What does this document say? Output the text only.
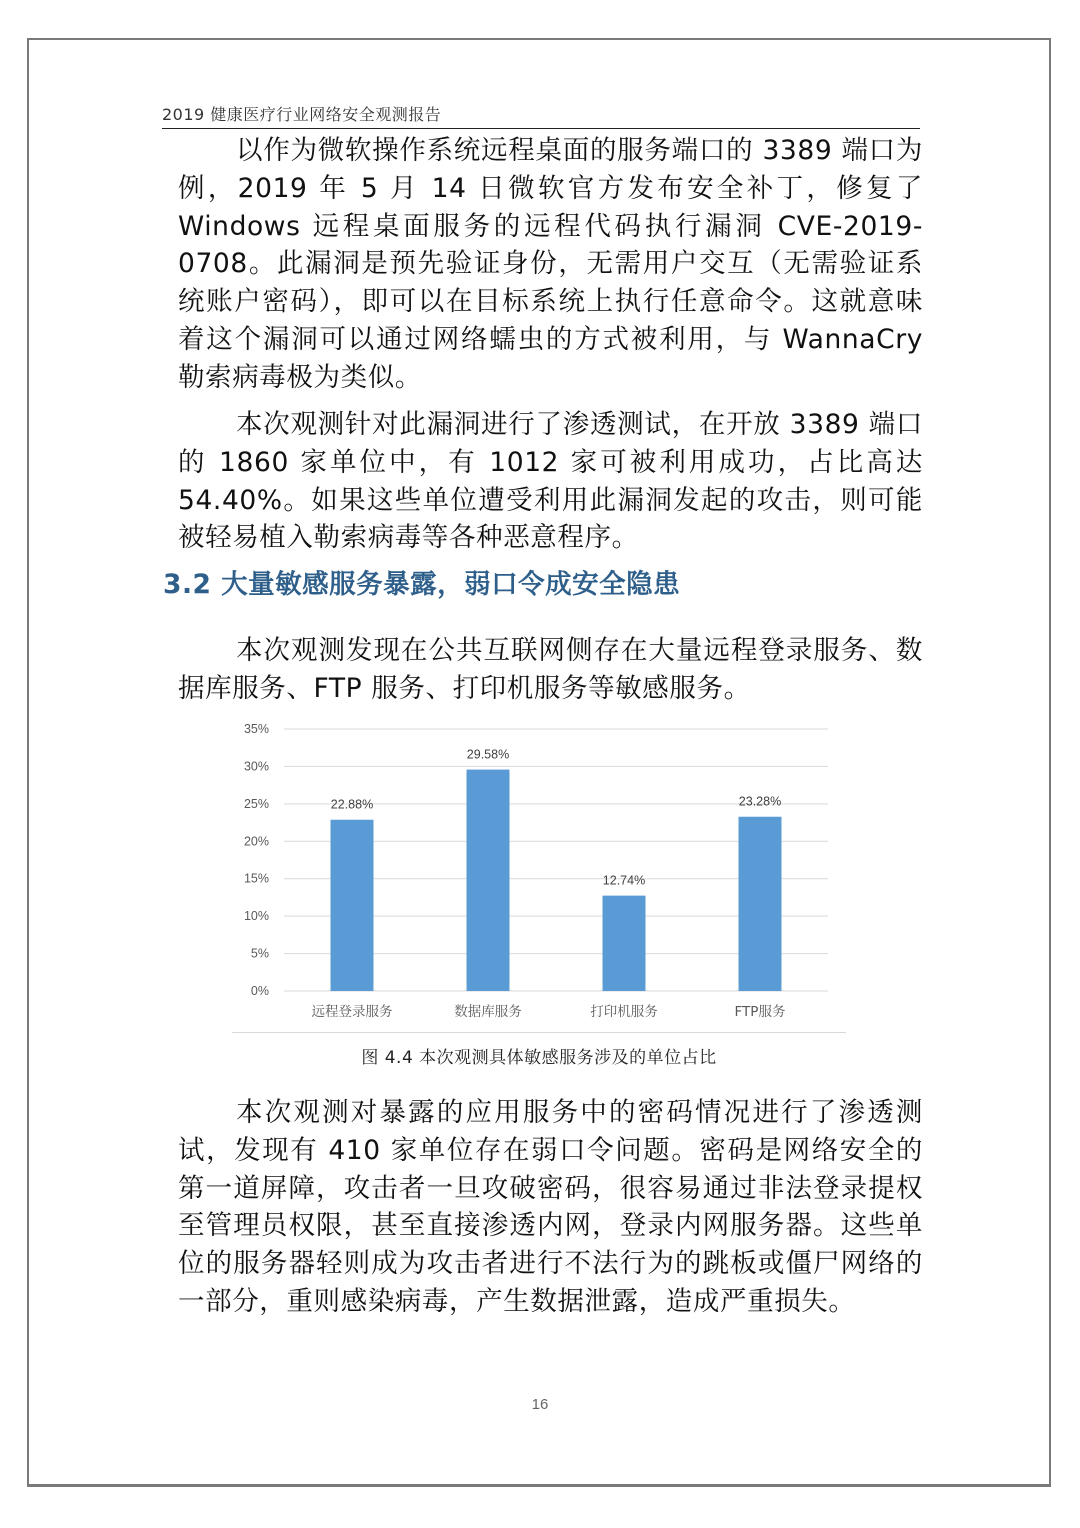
2019 健康医疗行业网络安全观测报告

以作为微软操作系统远程桌面的服务端口的 3389 端口为例，2019 年 5 月 14 日微软官方发布安全补丁，修复了 Windows 远程桌面服务的远程代码执行漏洞 CVE-2019-0708。此漏洞是预先验证身份，无需用户交互（无需验证系统账户密码），即可以在目标系统上执行任意命令。这就意味着这个漏洞可以通过网络蠕虫的方式被利用，与 WannaCry 勒索病毒极为类似。

本次观测针对此漏洞进行了渗透测试，在开放 3389 端口的 1860 家单位中，有 1012 家可被利用成功，占比高达 54.40%。如果这些单位遭受利用此漏洞发起的攻击，则可能被轻易植入勒索病毒等各种恶意程序。

3.2 大量敏感服务暴露，弱口令成安全隐患

本次观测发现在公共互联网侧存在大量远程登录服务、数据库服务、FTP 服务、打印机服务等敏感服务。

0%
5%
10%
15%
20%
25%
30%
35%
22.88%
29.58%
12.74%
23.28%
远程登录服务	数据库服务	打印机服务	FTP服务
图 4.4 本次观测具体敏感服务涉及的单位占比

本次观测对暴露的应用服务中的密码情况进行了渗透测试，发现有 410 家单位存在弱口令问题。密码是网络安全的第一道屏障，攻击者一旦攻破密码，很容易通过非法登录提权至管理员权限，甚至直接渗透内网，登录内网服务器。这些单位的服务器轻则成为攻击者进行不法行为的跳板或僵尸网络的一部分，重则感染病毒，产生数据泄露，造成严重损失。

16
